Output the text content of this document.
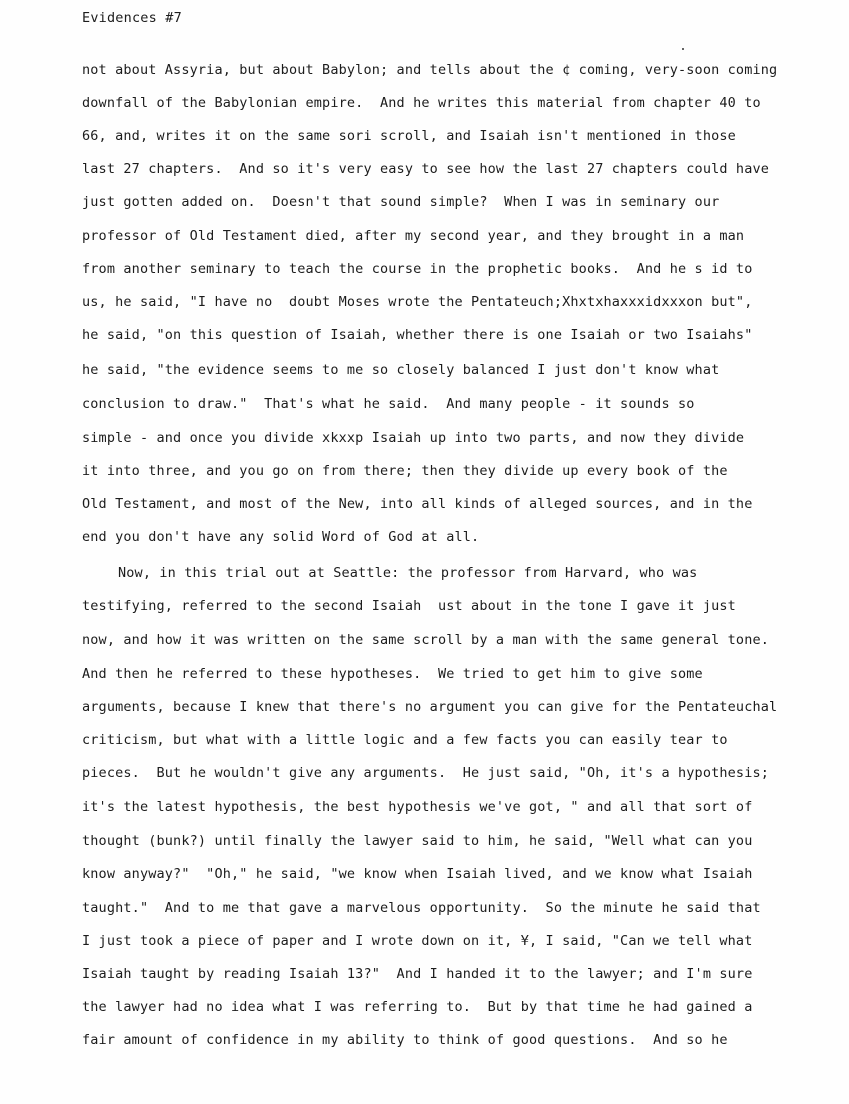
Evidences #7
not about Assyria, but about Babylon; and tells about the ¢ coming, very-soon coming
downfall of the Babylonian empire.  And he writes this material from chapter 40 to
66, and, writes it on the same sori scroll, and Isaiah isn't mentioned in those
last 27 chapters.  And so it's very easy to see how the last 27 chapters could have
just gotten added on.  Doesn't that sound simple?  When I was in seminary our
professor of Old Testament died, after my second year, and they brought in a man
from another seminary to teach the course in the prophetic books.  And he s id to
us, he said, "I have no  doubt Moses wrote the Pentateuch;Xhxtxhaxxxidxxxon but",
he said, "on this question of Isaiah, whether there is one Isaiah or two Isaiahs"
he said, "the evidence seems to me so closely balanced I just don't know what
conclusion to draw."  That's what he said.  And many people - it sounds so
simple - and once you divide xkxxp Isaiah up into two parts, and now they divide
it into three, and you go on from there; then they divide up every book of the
Old Testament, and most of the New, into all kinds of alleged sources, and in the
end you don't have any solid Word of God at all.
Now, in this trial out at Seattle: the professor from Harvard, who was
testifying, referred to the second Isaiah  ust about in the tone I gave it just
now, and how it was written on the same scroll by a man with the same general tone.
And then he referred to these hypotheses.  We tried to get him to give some
arguments, because I knew that there's no argument you can give for the Pentateuchal
criticism, but what with a little logic and a few facts you can easily tear to
pieces.  But he wouldn't give any arguments.  He just said, "Oh, it's a hypothesis;
it's the latest hypothesis, the best hypothesis we've got, " and all that sort of
thought (bunk?) until finally the lawyer said to him, he said, "Well what can you
know anyway?"  "Oh," he said, "we know when Isaiah lived, and we know what Isaiah
taught."  And to me that gave a marvelous opportunity.  So the minute he said that
I just took a piece of paper and I wrote down on it, ¥, I said, "Can we tell what
Isaiah taught by reading Isaiah 13?"  And I handed it to the lawyer; and I'm sure
the lawyer had no idea what I was referring to.  But by that time he had gained a
fair amount of confidence in my ability to think of good questions.  And so he
